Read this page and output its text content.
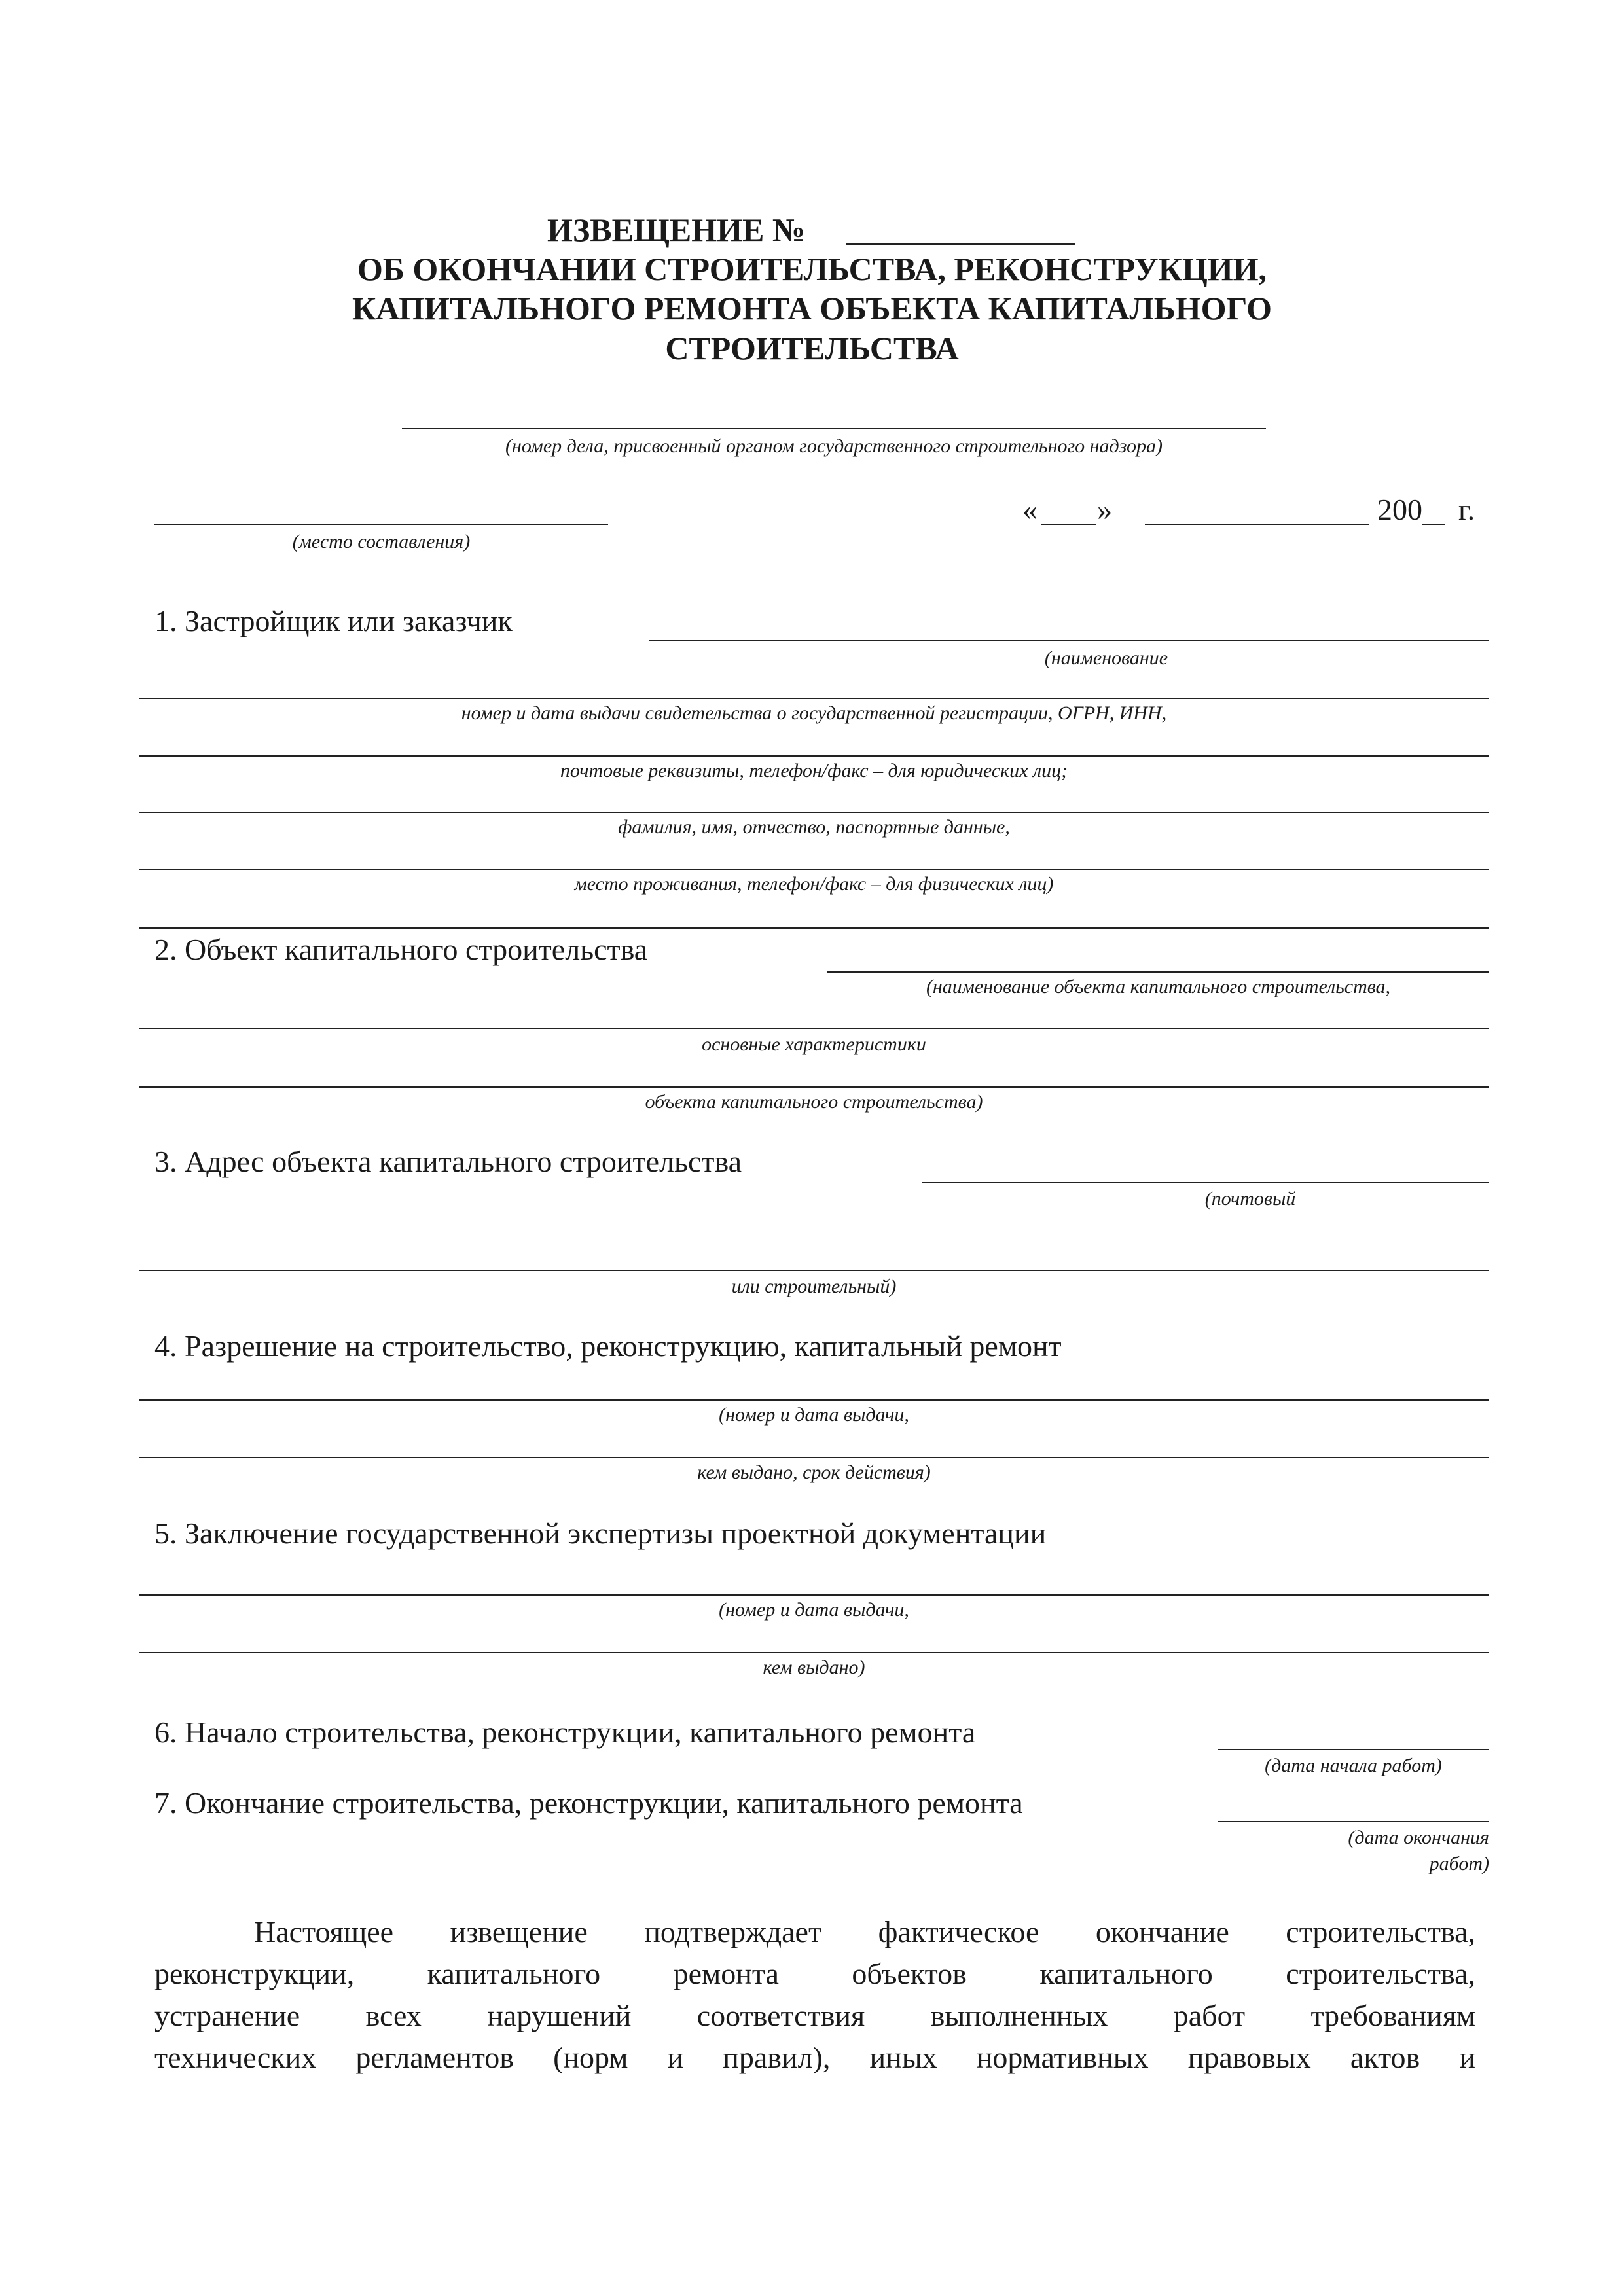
ИЗВЕЩЕНИЕ №
ОБ ОКОНЧАНИИ СТРОИТЕЛЬСТВА, РЕКОНСТРУКЦИИ,
КАПИТАЛЬНОГО РЕМОНТА ОБЪЕКТА КАПИТАЛЬНОГО
СТРОИТЕЛЬСТВА
(номер дела, присвоенный органом государственного строительного надзора)
(место составления)
« »	200 г.
1. Застройщик или заказчик
(наименование
номер и дата выдачи свидетельства о государственной регистрации, ОГРН, ИНН,
почтовые реквизиты, телефон/факс – для юридических лиц;
фамилия, имя, отчество, паспортные данные,
место проживания, телефон/факс – для физических лиц)
2. Объект капитального строительства
(наименование объекта капитального строительства,
основные характеристики
объекта капитального строительства)
3. Адрес объекта капитального строительства
(почтовый
или строительный)
4. Разрешение на строительство, реконструкцию, капитальный ремонт
(номер и дата выдачи,
кем выдано, срок действия)
5. Заключение государственной экспертизы проектной документации
(номер и дата выдачи,
кем выдано)
6. Начало строительства, реконструкции, капитального ремонта
(дата начала работ)
7. Окончание строительства, реконструкции, капитального ремонта
(дата окончания
работ)

Настоящее извещение подтверждает фактическое окончание строительства,

реконструкции, капитального ремонта объектов капитального строительства,

устранение всех нарушений соответствия выполненных работ требованиям

технических регламентов (норм и правил), иных нормативных правовых актов и
